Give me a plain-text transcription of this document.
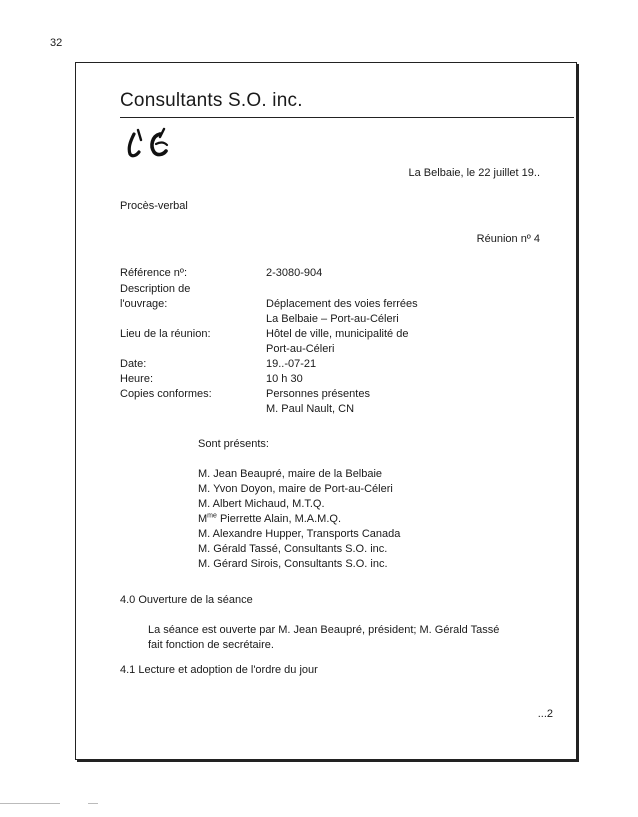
32
Consultants S.O. inc.
La Belbaie, le 22 juillet 19..
Procès-verbal
Réunion nº 4
Référence nº:	2-3080-904
Description de
l'ouvrage:	Déplacement des voies ferrées
La Belbaie – Port-au-Céleri
Lieu de la réunion:	Hôtel de ville, municipalité de
Port-au-Céleri
Date:	19..-07-21
Heure:	10 h 30
Copies conformes:	Personnes présentes
M. Paul Nault, CN
Sont présents:
M. Jean Beaupré, maire de la Belbaie
M. Yvon Doyon, maire de Port-au-Céleri
M. Albert Michaud, M.T.Q.
$M^{me}$ Pierrette Alain, M.A.M.Q.
M. Alexandre Hupper, Transports Canada
M. Gérald Tassé, Consultants S.O. inc.
M. Gérard Sirois, Consultants S.O. inc.
4.0 Ouverture de la séance
La séance est ouverte par M. Jean Beaupré, président; M. Gérald Tassé
fait fonction de secrétaire.
4.1 Lecture et adoption de l'ordre du jour
...2
